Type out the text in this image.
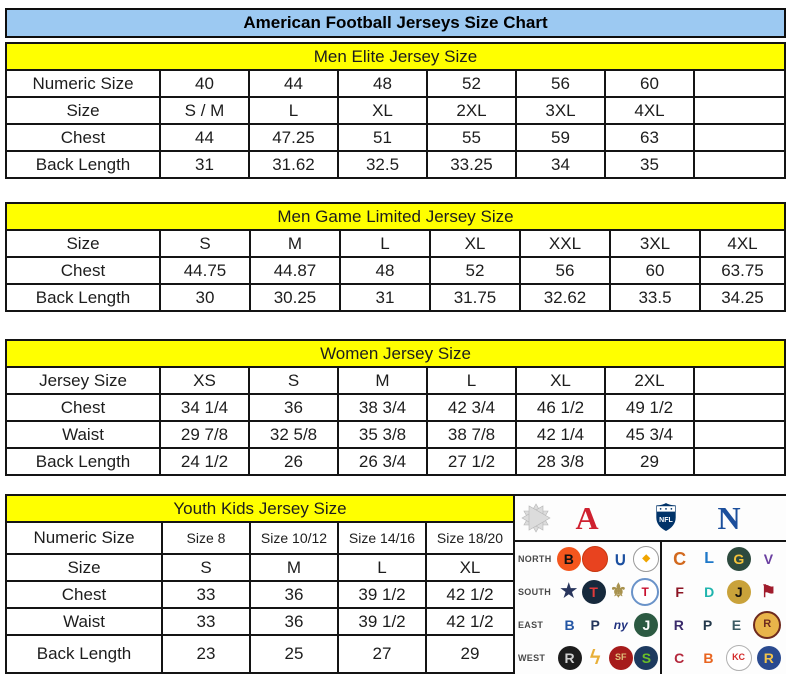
American Football Jerseys Size Chart
Men Elite Jersey Size							
Numeric Size	40	44	48	52	56	60	
Size	S / M	L	XL	2XL	3XL	4XL	
Chest	44	47.25	51	55	59	63	
Back Length	31	31.62	32.5	33.25	34	35	
Men Game Limited Jersey Size							
Size	S	M	L	XL	XXL	3XL	4XL
Chest	44.75	44.87	48	52	56	60	63.75
Back Length	30	30.25	31	31.75	32.62	33.5	34.25
Women Jersey Size							
Jersey Size	XS	S	M	L	XL	2XL	
Chest	34 1/4	36	38 3/4	42 3/4	46 1/2	49 1/2	
Waist	29 7/8	32 5/8	35 3/8	38 7/8	42 1/4	45 3/4	
Back Length	24 1/2	26	26 3/4	27 1/2	28 3/8	29	
Youth Kids Jersey Size				
Numeric Size	Size 8	Size 10/12	Size 14/16	Size 18/20
Size	S	M	L	XL
Chest	33	36	39 1/2	42 1/2
Waist	33	36	39 1/2	42 1/2
Back Length	23	25	27	29
A	NFL	N
NORTH B	∪	◆	C	L	G	V
SOUTH ★ T ⚜	T	F	D	J	⚑
EAST	B	P	ny	J	R	P	E	R
WEST	R ϟ	SF	S	C	B	KC	R
